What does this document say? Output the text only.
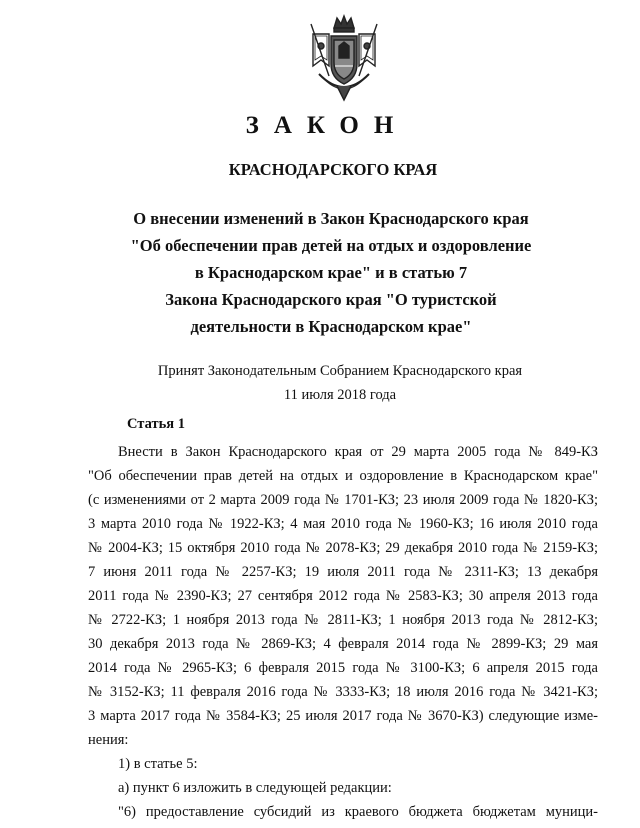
ЗАКОН
КРАСНОДАРСКОГО КРАЯ
О внесении изменений в Закон Краснодарского края
"Об обеспечении прав детей на отдых и оздоровление
в Краснодарском крае" и в статью 7
Закона Краснодарского края "О туристской
деятельности в Краснодарском крае"
Принят Законодательным Собранием Краснодарского края
11 июля 2018 года
Статья 1
Внести в Закон Краснодарского края от 29 марта 2005 года № 849-КЗ
"Об обеспечении прав детей на отдых и оздоровление в Краснодарском крае"
(с изменениями от 2 марта 2009 года № 1701-КЗ; 23 июля 2009 года № 1820-КЗ;
3 марта 2010 года № 1922-КЗ; 4 мая 2010 года № 1960-КЗ; 16 июля 2010 года
№ 2004-КЗ; 15 октября 2010 года № 2078-КЗ; 29 декабря 2010 года № 2159-КЗ;
7 июня 2011 года № 2257-КЗ; 19 июля 2011 года № 2311-КЗ; 13 декабря
2011 года № 2390-КЗ; 27 сентября 2012 года № 2583-КЗ; 30 апреля 2013 года
№ 2722-КЗ; 1 ноября 2013 года № 2811-КЗ; 1 ноября 2013 года № 2812-КЗ;
30 декабря 2013 года № 2869-КЗ; 4 февраля 2014 года № 2899-КЗ; 29 мая
2014 года № 2965-КЗ; 6 февраля 2015 года № 3100-КЗ; 6 апреля 2015 года
№ 3152-КЗ; 11 февраля 2016 года № 3333-КЗ; 18 июля 2016 года № 3421-КЗ;
3 марта 2017 года № 3584-КЗ; 25 июля 2017 года № 3670-КЗ) следующие изме-
нения:
1) в статье 5:
а) пункт 6 изложить в следующей редакции:
"6) предоставление субсидий из краевого бюджета бюджетам муници-
